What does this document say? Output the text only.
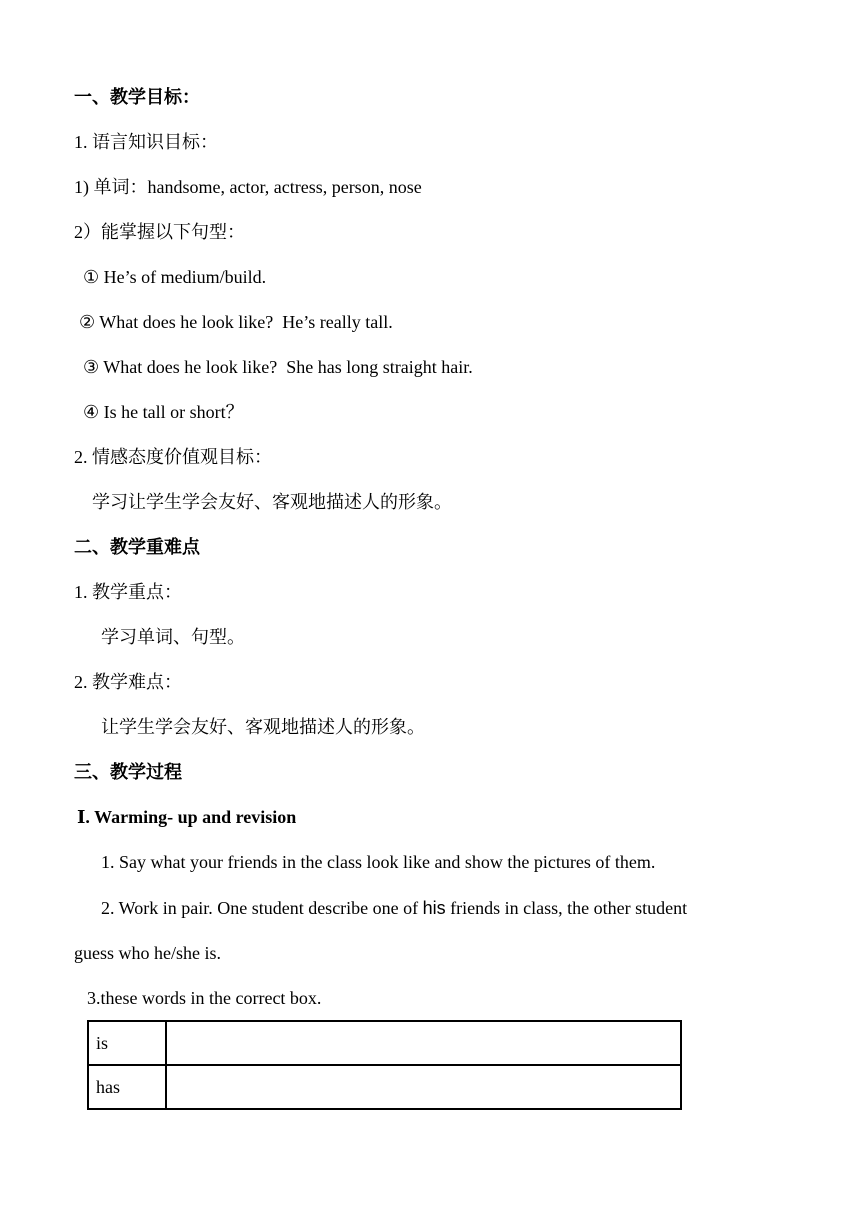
一、教学目标：
1. 语言知识目标：
1) 单词：handsome, actor, actress, person, nose
2）能掌握以下句型：
① He’s of medium/build.
② What does he look like?  He’s really tall.
③ What does he look like?  She has long straight hair.
④ Is he tall or short？
2. 情感态度价值观目标：
学习让学生学会友好、客观地描述人的形象。
二、教学重难点
1. 教学重点：
学习单词、句型。
2. 教学难点：
让学生学会友好、客观地描述人的形象。
三、教学过程
Ⅰ. Warming- up and revision
1. Say what your friends in the class look like and show the pictures of them.
2. Work in pair. One student describe one of his friends in class, the other student
guess who he/she is.
3.these words in the correct box.
is	
has	
